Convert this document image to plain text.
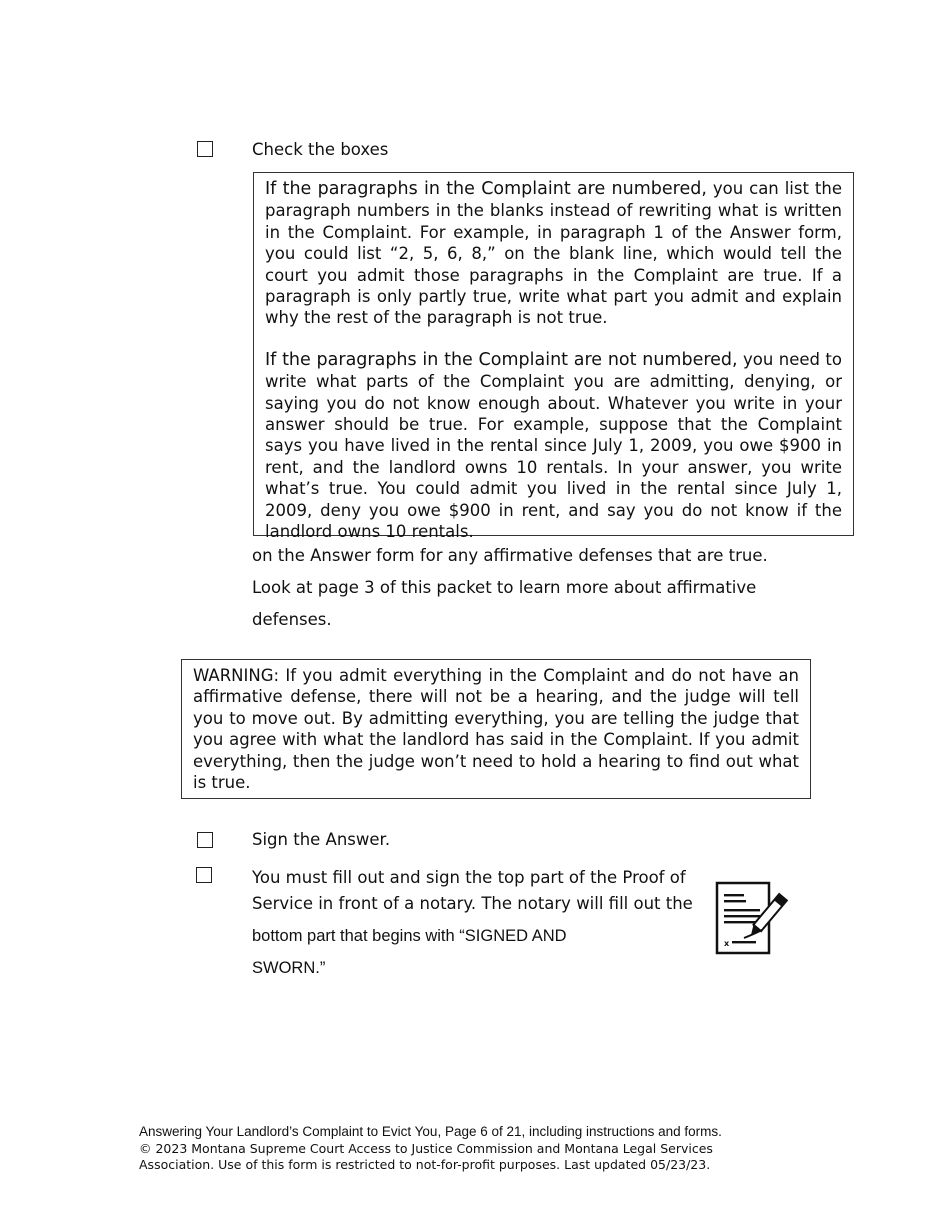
Check the boxes

If the paragraphs in the Complaint are numbered, you can list the paragraph numbers in the blanks instead of rewriting what is written in the Complaint. For example, in paragraph 1 of the Answer form, you could list “2, 5, 6, 8,” on the blank line, which would tell the court you admit those paragraphs in the Complaint are true. If a paragraph is only partly true, write what part you admit and explain why the rest of the paragraph is not true.

If the paragraphs in the Complaint are not numbered, you need to write what parts of the Complaint you are admitting, denying, or saying you do not know enough about. Whatever you write in your answer should be true. For example, suppose that the Complaint says you have lived in the rental since July 1, 2009, you owe $900 in rent, and the landlord owns 10 rentals. In your answer, you write what’s true. You could admit you lived in the rental since July 1, 2009, deny you owe $900 in rent, and say you do not know if the landlord owns 10 rentals.

on the Answer form for any affirmative defenses that are true.
Look at page 3 of this packet to learn more about affirmative
defenses.

WARNING: If you admit everything in the Complaint and do not have an affirmative defense, there will not be a hearing, and the judge will tell you to move out. By admitting everything, you are telling the judge that you agree with what the landlord has said in the Complaint. If you admit everything, then the judge won’t need to hold a hearing to find out what is true.

Sign the Answer.
You must fill out and sign the top part of the Proof of
Service in front of a notary. The notary will fill out the
bottom part that begins with “SIGNED AND
SWORN.”
x
Answering Your Landlord’s Complaint to Evict You, Page 6 of 21, including instructions and forms.
© 2023 Montana Supreme Court Access to Justice Commission and Montana Legal Services
Association. Use of this form is restricted to not-for-profit purposes. Last updated 05/23/23.
